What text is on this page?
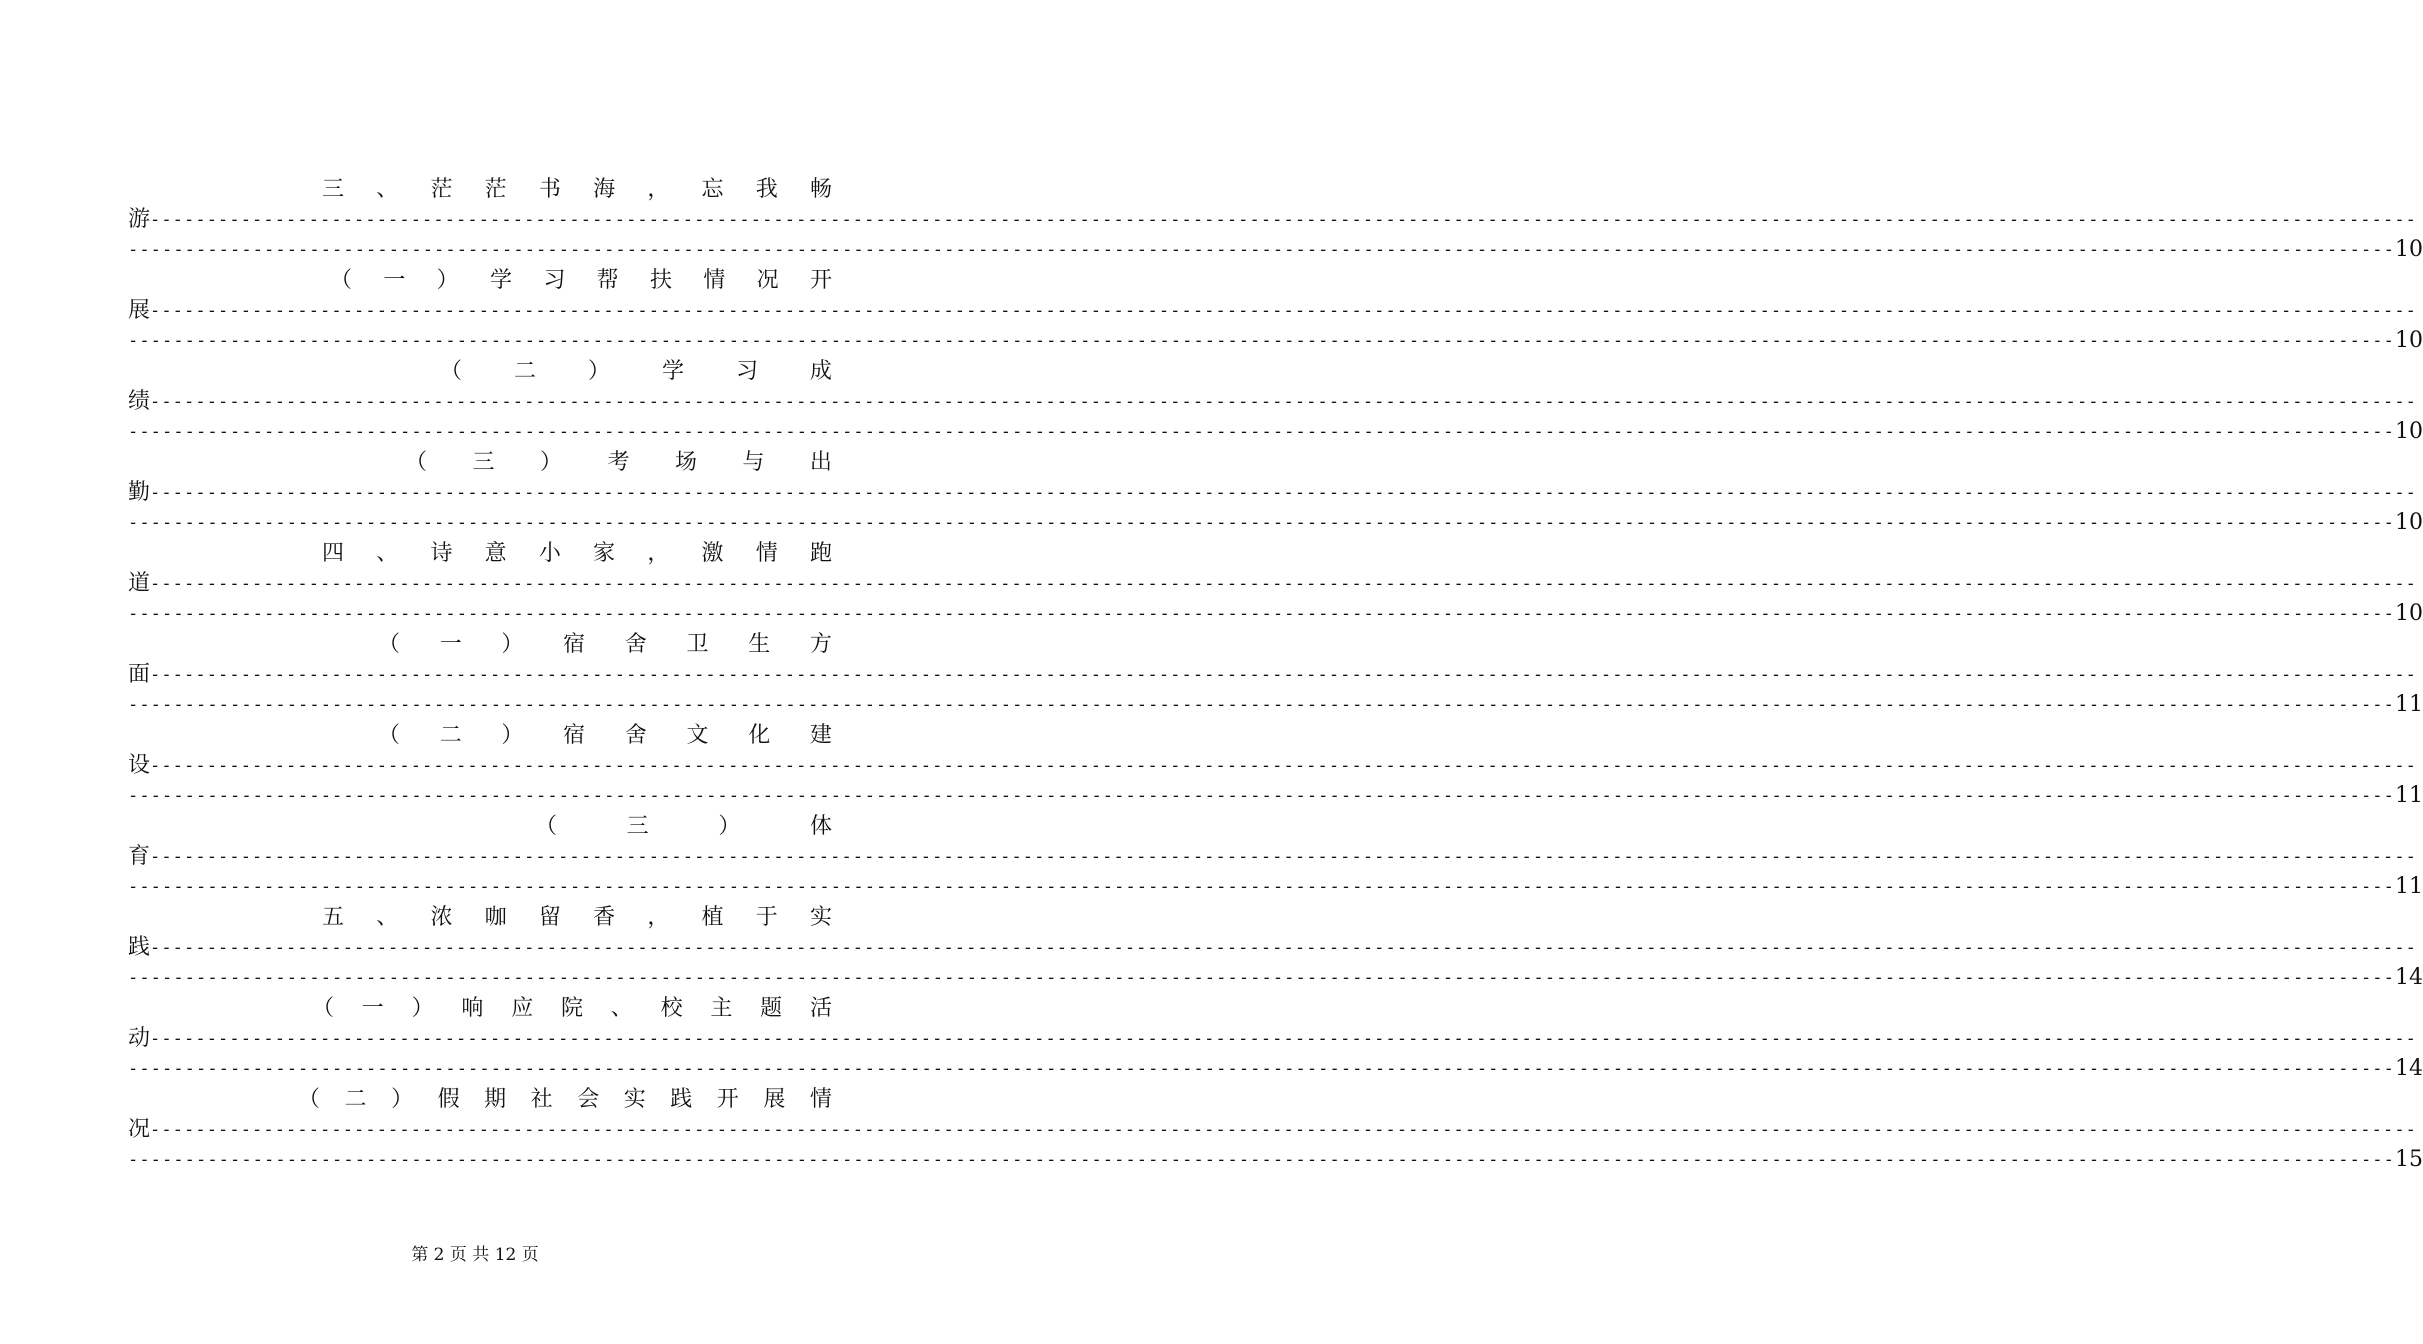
三 、 茫 茫 书 海 ， 忘 我 畅
游 --------------------------------------------------------------------------------------------------------------------------------------------------------------------------------------------------------
-------------------------------------------------------------------------------------------------------------------------------------------------------------------------------------------------------- 10
（ 一 ） 学 习 帮 扶 情 况 开
展 --------------------------------------------------------------------------------------------------------------------------------------------------------------------------------------------------------
-------------------------------------------------------------------------------------------------------------------------------------------------------------------------------------------------------- 10
（ 二 ） 学 习 成
绩 --------------------------------------------------------------------------------------------------------------------------------------------------------------------------------------------------------
-------------------------------------------------------------------------------------------------------------------------------------------------------------------------------------------------------- 10
（ 三 ） 考 场 与 出
勤 --------------------------------------------------------------------------------------------------------------------------------------------------------------------------------------------------------
-------------------------------------------------------------------------------------------------------------------------------------------------------------------------------------------------------- 10
四 、 诗 意 小 家 ， 激 情 跑
道 --------------------------------------------------------------------------------------------------------------------------------------------------------------------------------------------------------
-------------------------------------------------------------------------------------------------------------------------------------------------------------------------------------------------------- 10
（ 一 ） 宿 舍 卫 生 方
面 --------------------------------------------------------------------------------------------------------------------------------------------------------------------------------------------------------
-------------------------------------------------------------------------------------------------------------------------------------------------------------------------------------------------------- 11
（ 二 ） 宿 舍 文 化 建
设 --------------------------------------------------------------------------------------------------------------------------------------------------------------------------------------------------------
-------------------------------------------------------------------------------------------------------------------------------------------------------------------------------------------------------- 11
（	三	）	体
育 --------------------------------------------------------------------------------------------------------------------------------------------------------------------------------------------------------
-------------------------------------------------------------------------------------------------------------------------------------------------------------------------------------------------------- 11
五 、 浓 咖 留 香 ， 植 于 实
践 --------------------------------------------------------------------------------------------------------------------------------------------------------------------------------------------------------
-------------------------------------------------------------------------------------------------------------------------------------------------------------------------------------------------------- 14
（ 一 ） 响 应 院 、 校 主 题 活
动 --------------------------------------------------------------------------------------------------------------------------------------------------------------------------------------------------------
-------------------------------------------------------------------------------------------------------------------------------------------------------------------------------------------------------- 14
（ 二 ） 假 期 社 会 实 践 开 展 情
况 --------------------------------------------------------------------------------------------------------------------------------------------------------------------------------------------------------
-------------------------------------------------------------------------------------------------------------------------------------------------------------------------------------------------------- 15
第 2 页 共 12 页
